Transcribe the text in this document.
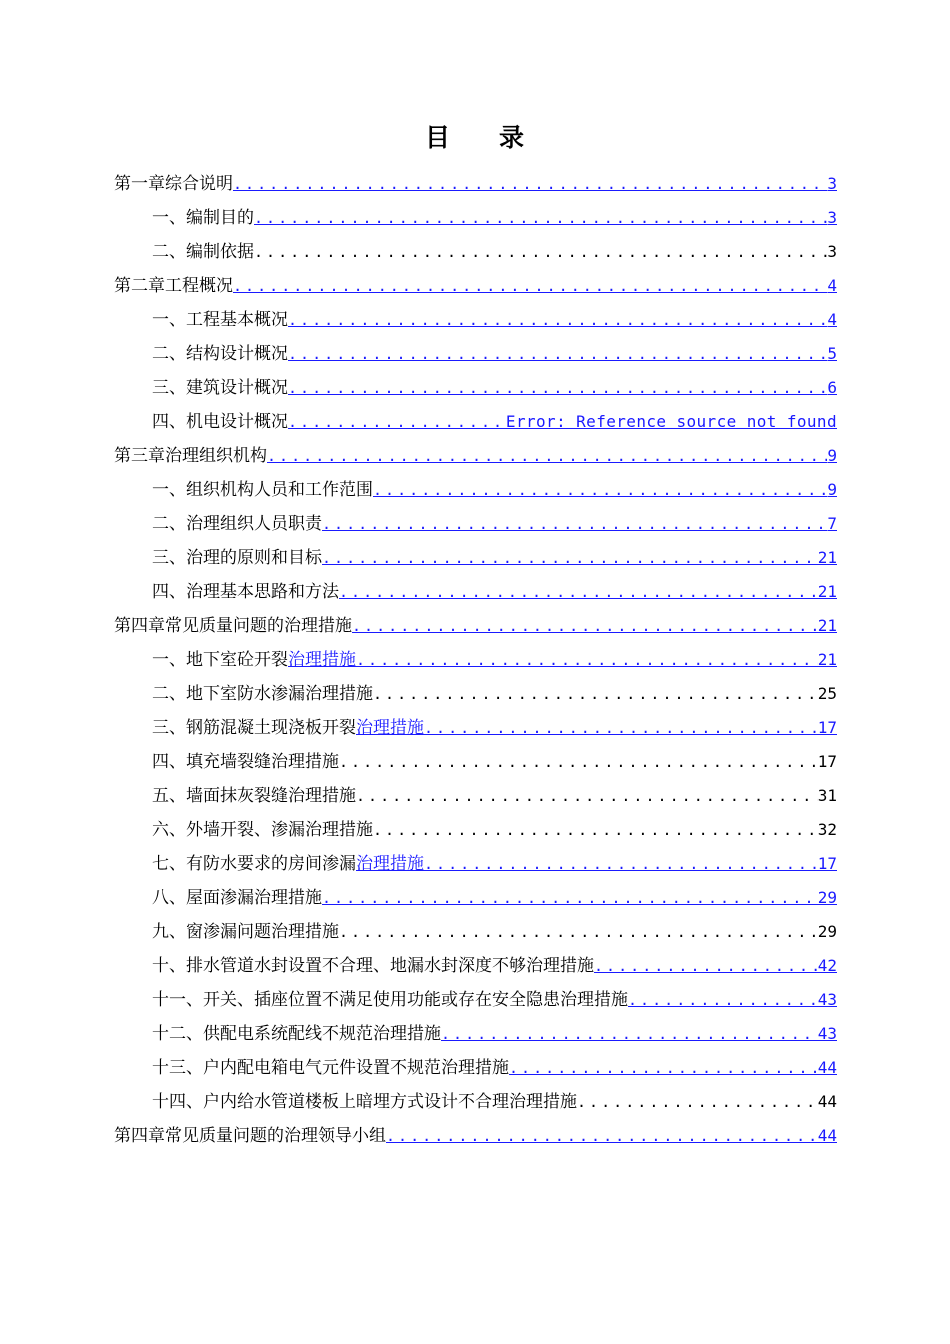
目 录
第一章 综合说明 . . .	3
一、编制目的 . . .	3
二、编制依据 . . .	3
第二章 工程概况 . . .	4
一、工程基本概况 . . .	4
二、结构设计概况 . . .	5
三、建筑设计概况 . . .	6
四、机电设计概况 . . .	Error: Reference source not found
第三章 治理组织机构 . . .	9
一、组织机构人员和工作范围 . . .	9
二、治理组织人员职责 . . .	7
三、治理的原则和目标 . . .	21
四、治理基本思路和方法 . . .	21
第四章 常见质量问题的治理措施 . . .	21
一、地下室砼开裂 治理措施 . . .	21
二、地下室防水渗漏治理措施 . . .	25
三、钢筋混凝土现浇板开裂 治理措施 . . .	17
四、填充墙裂缝治理措施 . . .	17
五、墙面抹灰裂缝治理措施 . . .	31
六、外墙开裂、渗漏治理措施 . . .	32
七、有防水要求的房间渗漏 治理措施 . . .	17
八、屋面渗漏治理措施 . . .	29
九、窗渗漏问题治理措施 . . .	29
十、排水管道水封设置不合理、地漏水封深度不够治理措施 . . .	42
十一、开关、插座位置不满足使用功能或存在安全隐患治理措施 . . .	43
十二、供配电系统配线不规范治理措施 . . .	43
十三、户内配电箱电气元件设置不规范治理措施 . . .	44
十四、户内给水管道楼板上暗埋方式设计不合理治理措施 . . .	44
第四章 常见质量问题的治理领导小组 . . .	44
